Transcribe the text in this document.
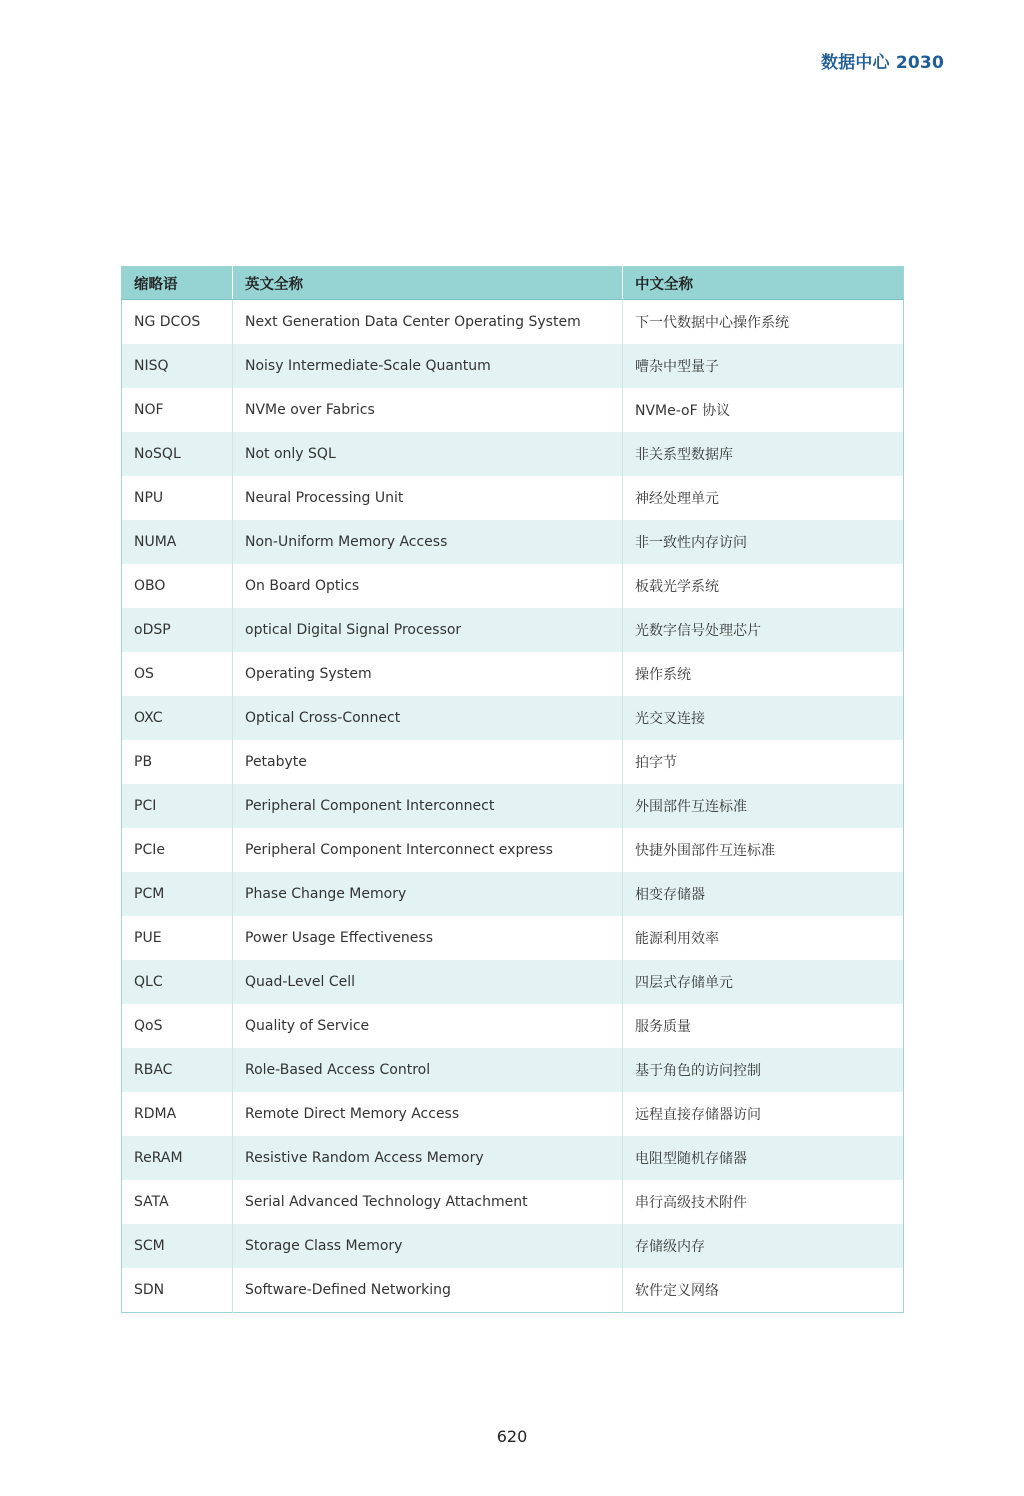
数据中心 2030
缩略语	英文全称	中文全称
NG DCOS	Next Generation Data Center Operating System	下一代数据中心操作系统
NISQ	Noisy Intermediate-Scale Quantum	嘈杂中型量子
NOF	NVMe over Fabrics	NVMe-oF 协议
NoSQL	Not only SQL	非关系型数据库
NPU	Neural Processing Unit	神经处理单元
NUMA	Non-Uniform Memory Access	非一致性内存访问
OBO	On Board Optics	板载光学系统
oDSP	optical Digital Signal Processor	光数字信号处理芯片
OS	Operating System	操作系统
OXC	Optical Cross-Connect	光交叉连接
PB	Petabyte	拍字节
PCI	Peripheral Component Interconnect	外围部件互连标准
PCIe	Peripheral Component Interconnect express	快捷外围部件互连标准
PCM	Phase Change Memory	相变存储器
PUE	Power Usage Effectiveness	能源利用效率
QLC	Quad-Level Cell	四层式存储单元
QoS	Quality of Service	服务质量
RBAC	Role-Based Access Control	基于角色的访问控制
RDMA	Remote Direct Memory Access	远程直接存储器访问
ReRAM	Resistive Random Access Memory	电阻型随机存储器
SATA	Serial Advanced Technology Attachment	串行高级技术附件
SCM	Storage Class Memory	存储级内存
SDN	Software-Defined Networking	软件定义网络
620
